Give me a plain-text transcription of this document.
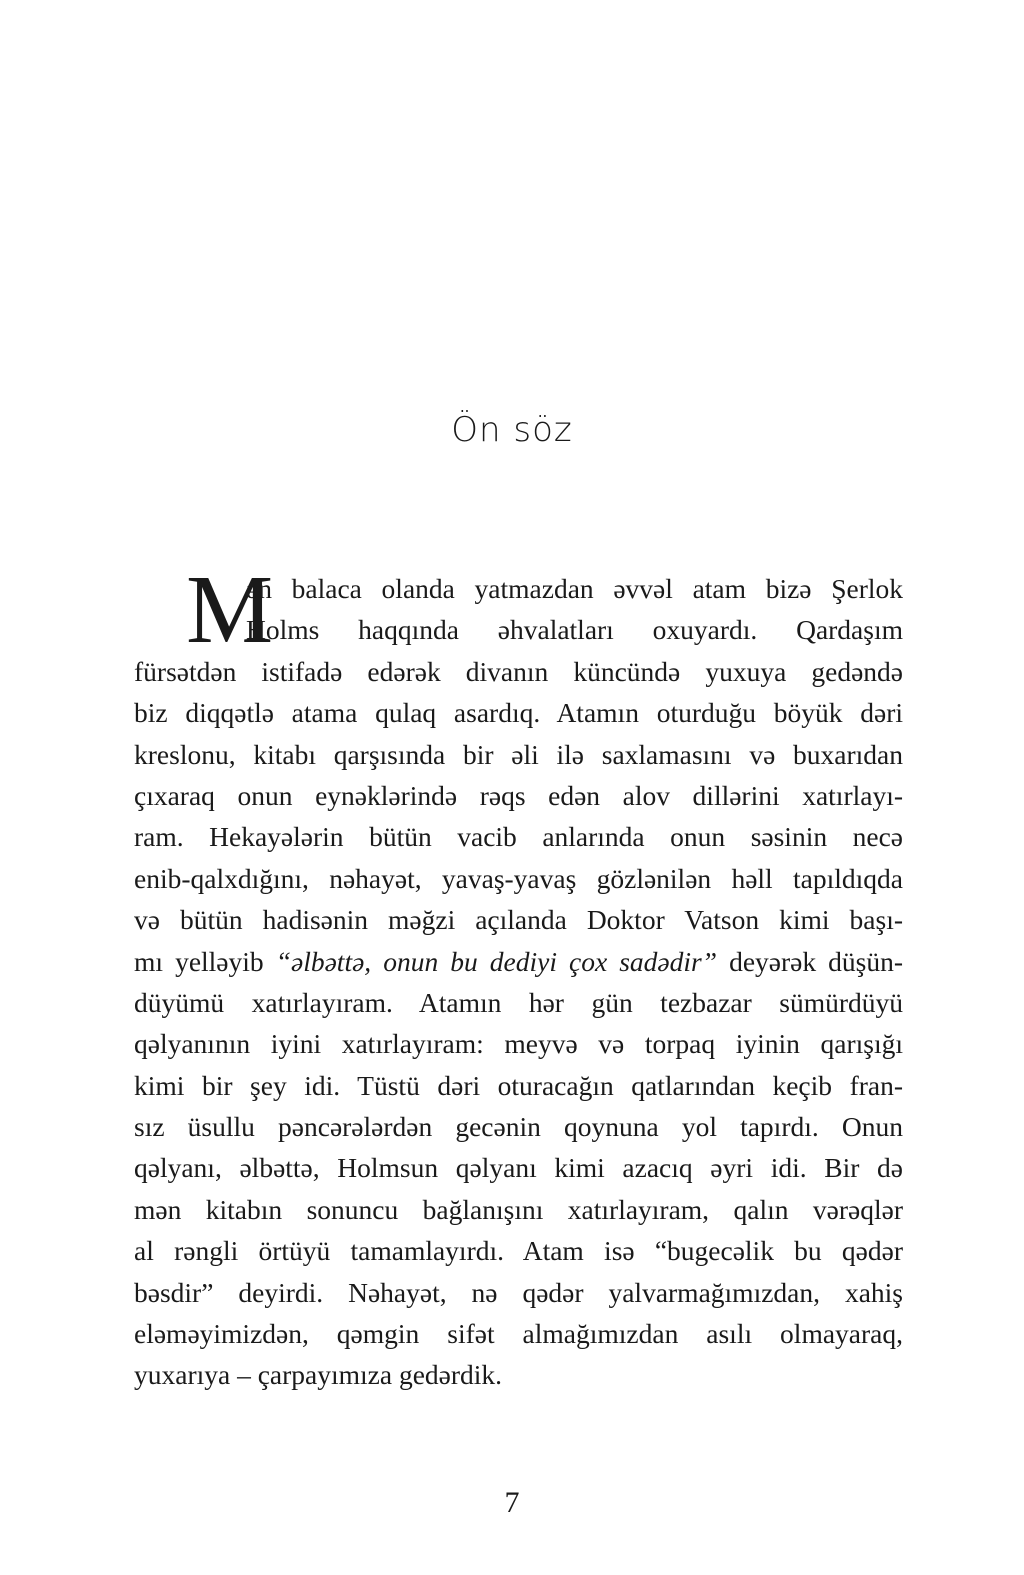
Ön söz
M
ən balaca olanda yatmazdan əvvəl atam bizə Şerlok
Holms haqqında əhvalatları oxuyardı. Qardaşım
fürsətdən istifadə edərək divanın küncündə yuxuya gedəndə
biz diqqətlə atama qulaq asardıq. Atamın oturduğu böyük dəri
kreslonu, kitabı qarşısında bir əli ilə saxlamasını və buxarıdan
çıxaraq onun eynəklərində rəqs edən alov dillərini xatırlayı-
ram. Hekayələrin bütün vacib anlarında onun səsinin necə
enib-qalxdığını, nəhayət, yavaş-yavaş gözlənilən həll tapıldıqda
və bütün hadisənin məğzi açılanda Doktor Vatson kimi başı-
mı yelləyib “əlbəttə, onun bu dediyi çox sadədir” deyərək düşün-
düyümü xatırlayıram. Atamın hər gün tezbazar sümürdüyü
qəlyanının iyini xatırlayıram: meyvə və torpaq iyinin qarışığı
kimi bir şey idi. Tüstü dəri oturacağın qatlarından keçib fran-
sız üsullu pəncərələrdən gecənin qoynuna yol tapırdı. Onun
qəlyanı, əlbəttə, Holmsun qəlyanı kimi azacıq əyri idi. Bir də
mən kitabın sonuncu bağlanışını xatırlayıram, qalın vərəqlər
al rəngli örtüyü tamamlayırdı. Atam isə “bugecəlik bu qədər
bəsdir” deyirdi. Nəhayət, nə qədər yalvarmağımızdan, xahiş
eləməyimizdən, qəmgin sifət almağımızdan asılı olmayaraq,
yuxarıya – çarpayımıza gedərdik.
7
